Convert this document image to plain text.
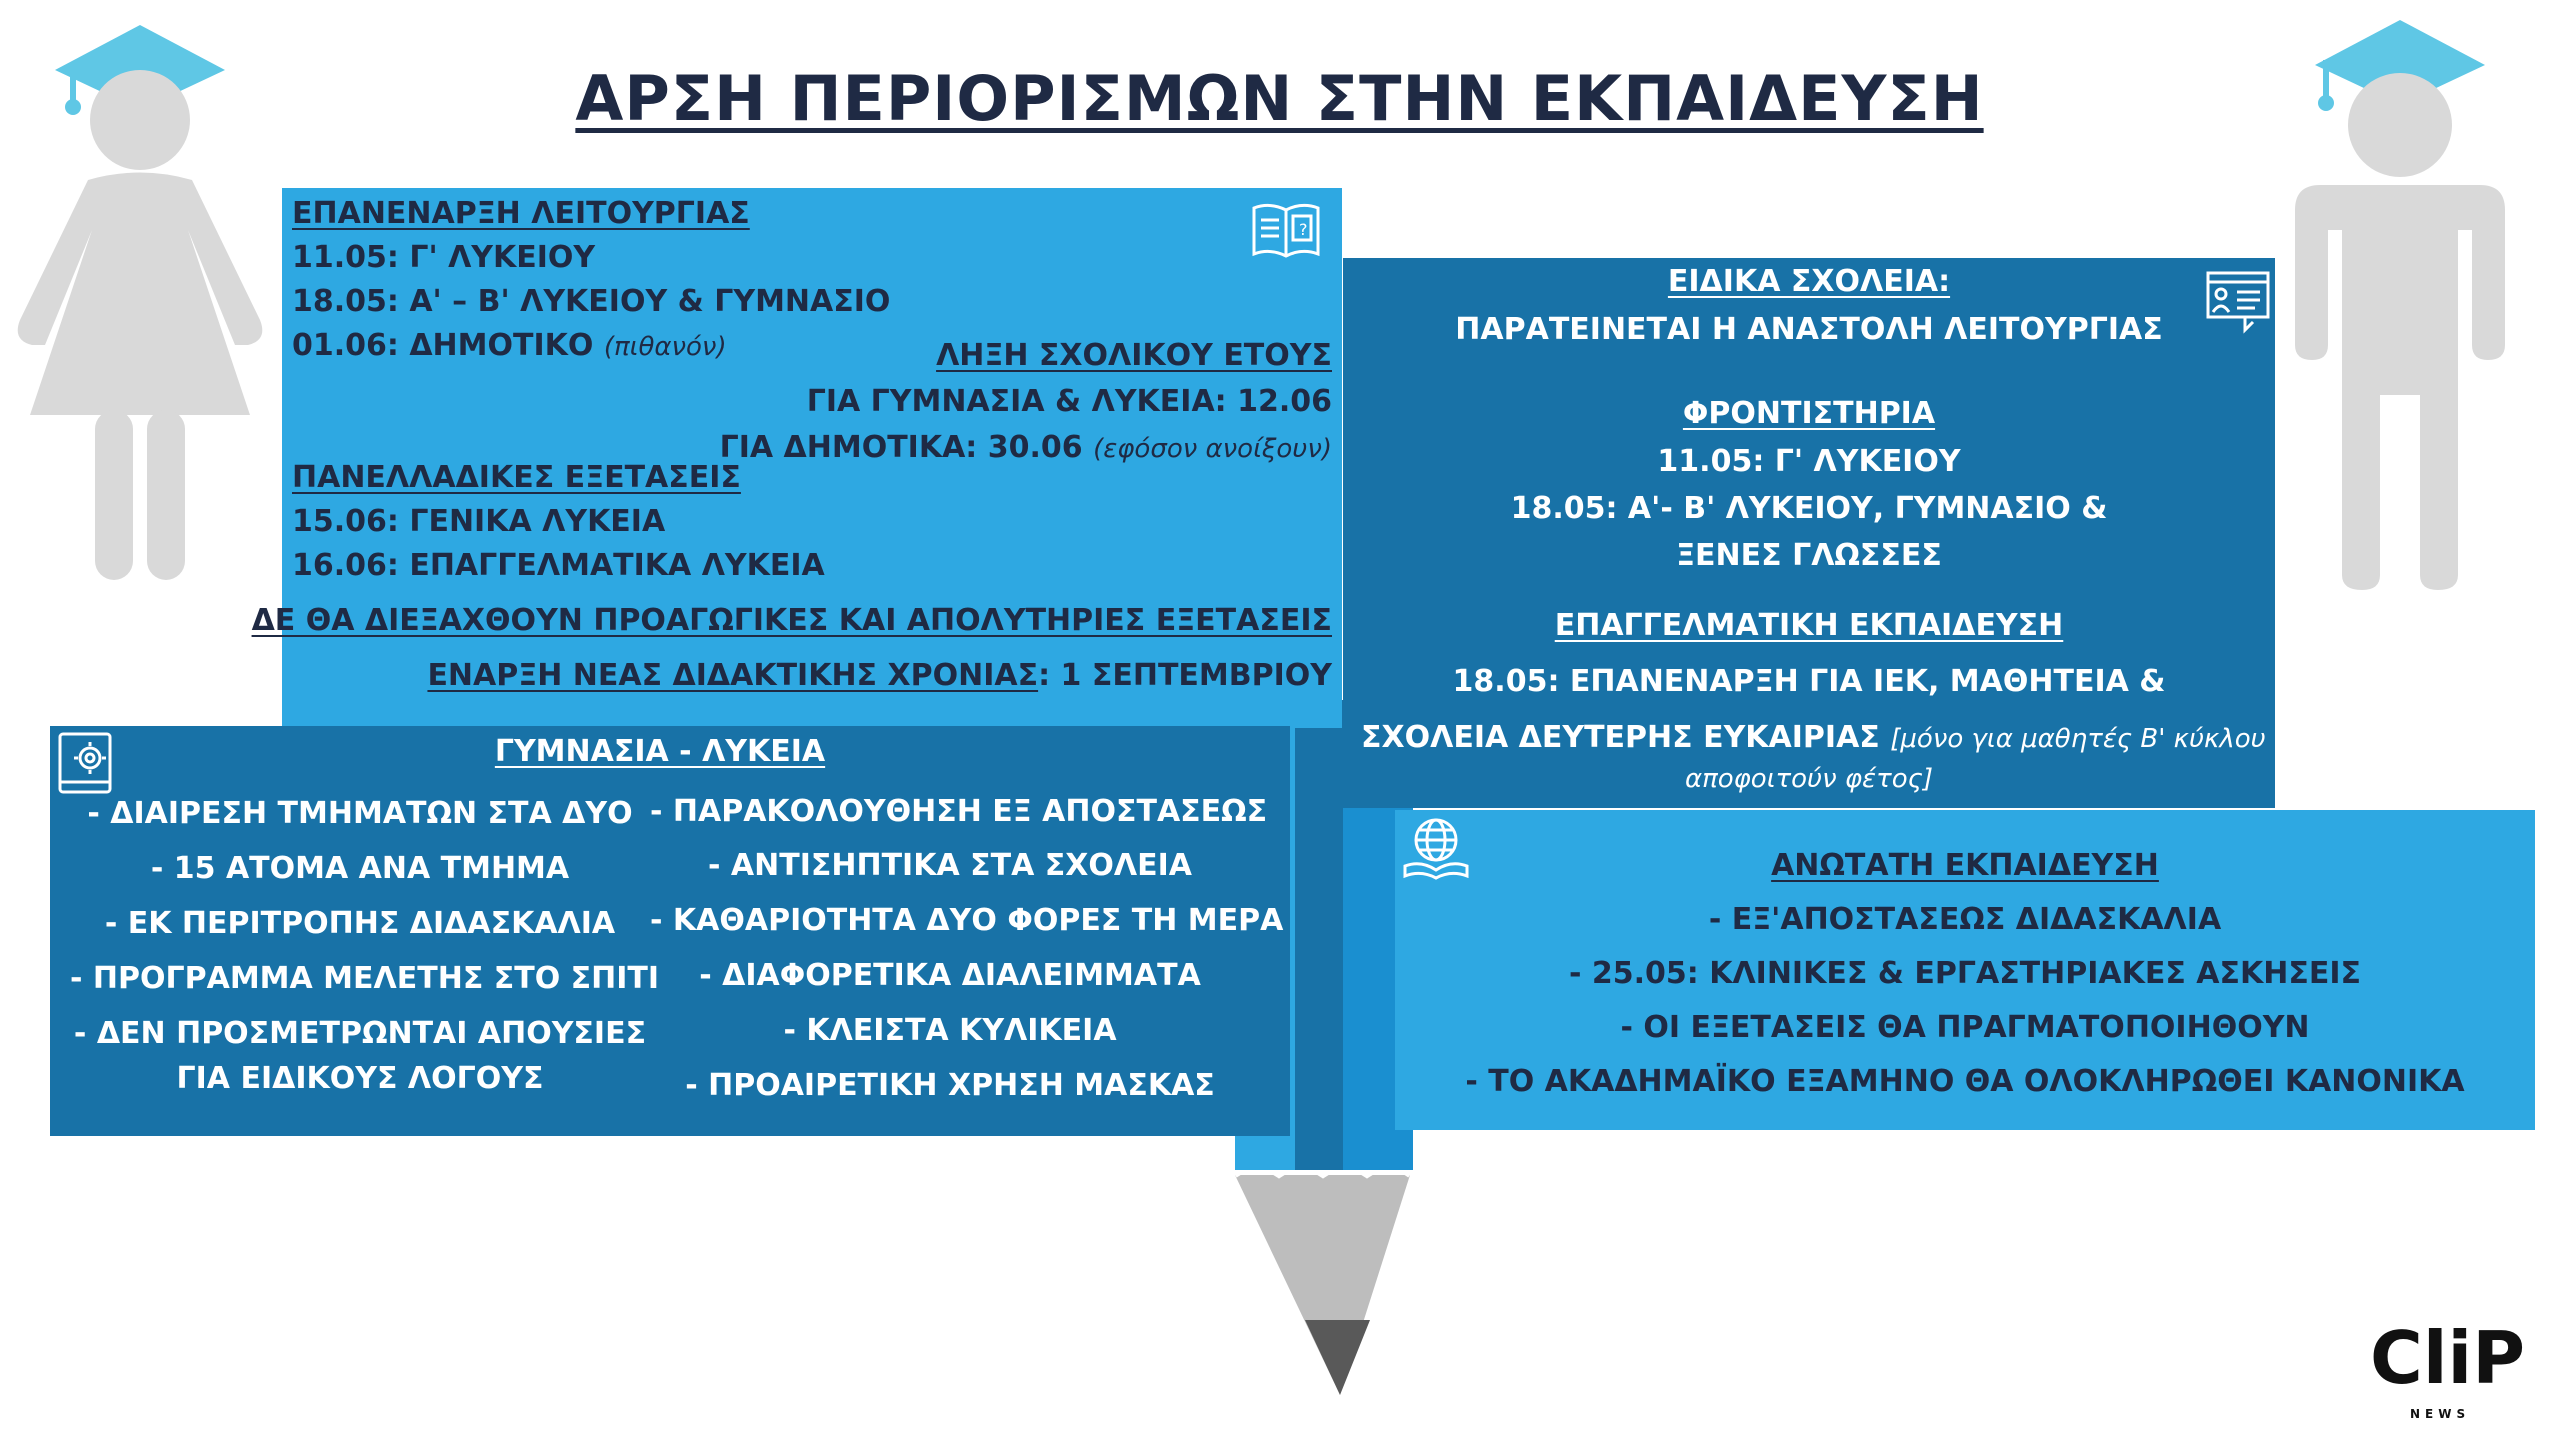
ΑΡΣΗ ΠΕΡΙΟΡΙΣΜΩΝ ΣΤΗΝ ΕΚΠΑΙΔΕΥΣΗ
ΕΠΑΝΕΝΑΡΞΗ ΛΕΙΤΟΥΡΓΙΑΣ
11.05: Γ' ΛΥΚΕΙΟΥ
18.05: Α' – Β' ΛΥΚΕΙΟΥ & ΓΥΜΝΑΣΙΟ
01.06: ΔΗΜΟΤΙΚΟ (πιθανόν)	ΛΗΞΗ ΣΧΟΛΙΚΟΥ ΕΤΟΥΣ
ΓΙΑ ΓΥΜΝΑΣΙΑ & ΛΥΚΕΙΑ: 12.06
ΓΙΑ ΔΗΜΟΤΙΚΑ: 30.06 (εφόσον ανοίξουν)
ΠΑΝΕΛΛΑΔΙΚΕΣ ΕΞΕΤΑΣΕΙΣ
15.06: ΓΕΝΙΚΑ ΛΥΚΕΙΑ
16.06: ΕΠΑΓΓΕΛΜΑΤΙΚΑ ΛΥΚΕΙΑ
ΔΕ ΘΑ ΔΙΕΞΑΧΘΟΥΝ ΠΡΟΑΓΩΓΙΚΕΣ ΚΑΙ ΑΠΟΛΥΤΗΡΙΕΣ ΕΞΕΤΑΣΕΙΣ
ΕΝΑΡΞΗ ΝΕΑΣ ΔΙΔΑΚΤΙΚΗΣ ΧΡΟΝΙΑΣ: 1 ΣΕΠΤΕΜΒΡΙΟΥ
?
ΕΙΔΙΚΑ ΣΧΟΛΕΙΑ:
ΠΑΡΑΤΕΙΝΕΤΑΙ Η ΑΝΑΣΤΟΛΗ ΛΕΙΤΟΥΡΓΙΑΣ
ΦΡΟΝΤΙΣΤΗΡΙΑ
11.05: Γ' ΛΥΚΕΙΟΥ
18.05: Α'- Β' ΛΥΚΕΙΟΥ, ΓΥΜΝΑΣΙΟ &
ΞΕΝΕΣ ΓΛΩΣΣΕΣ
ΕΠΑΓΓΕΛΜΑΤΙΚΗ ΕΚΠΑΙΔΕΥΣΗ
18.05: ΕΠΑΝΕΝΑΡΞΗ ΓΙΑ ΙΕΚ, ΜΑΘΗΤΕΙΑ &
ΣΧΟΛΕΙΑ ΔΕΥΤΕΡΗΣ ΕΥΚΑΙΡΙΑΣ [μόνο για μαθητές Β' κύκλου που
αποφοιτούν φέτος]
ΓΥΜΝΑΣΙΑ - ΛΥΚΕΙΑ
- ΔΙΑΙΡΕΣΗ ΤΜΗΜΑΤΩΝ ΣΤΑ ΔΥΟ
- 15 ΑΤΟΜΑ ΑΝΑ ΤΜΗΜΑ
- ΕΚ ΠΕΡΙΤΡΟΠΗΣ ΔΙΔΑΣΚΑΛΙΑ
- ΠΡΟΓΡΑΜΜΑ ΜΕΛΕΤΗΣ ΣΤΟ ΣΠΙΤΙ
- ΔΕΝ ΠΡΟΣΜΕΤΡΩΝΤΑΙ ΑΠΟΥΣΙΕΣ
ΓΙΑ ΕΙΔΙΚΟΥΣ ΛΟΓΟΥΣ
- ΠΑΡΑΚΟΛΟΥΘΗΣΗ ΕΞ ΑΠΟΣΤΑΣΕΩΣ
- ΑΝΤΙΣΗΠΤΙΚΑ ΣΤΑ ΣΧΟΛΕΙΑ
- ΚΑΘΑΡΙΟΤΗΤΑ ΔΥΟ ΦΟΡΕΣ ΤΗ ΜΕΡΑ
- ΔΙΑΦΟΡΕΤΙΚΑ ΔΙΑΛΕΙΜΜΑΤΑ
- ΚΛΕΙΣΤΑ ΚΥΛΙΚΕΙΑ
- ΠΡΟΑΙΡΕΤΙΚΗ ΧΡΗΣΗ ΜΑΣΚΑΣ
ΑΝΩΤΑΤΗ ΕΚΠΑΙΔΕΥΣΗ
- ΕΞ'ΑΠΟΣΤΑΣΕΩΣ ΔΙΔΑΣΚΑΛΙΑ
- 25.05: ΚΛΙΝΙΚΕΣ & ΕΡΓΑΣΤΗΡΙΑΚΕΣ ΑΣΚΗΣΕΙΣ
- ΟΙ ΕΞΕΤΑΣΕΙΣ ΘΑ ΠΡΑΓΜΑΤΟΠΟΙΗΘΟΥΝ
- ΤΟ ΑΚΑΔΗΜΑΪΚΟ ΕΞΑΜΗΝΟ ΘΑ ΟΛΟΚΛΗΡΩΘΕΙ ΚΑΝΟΝΙΚΑ
CliP
NEWS
